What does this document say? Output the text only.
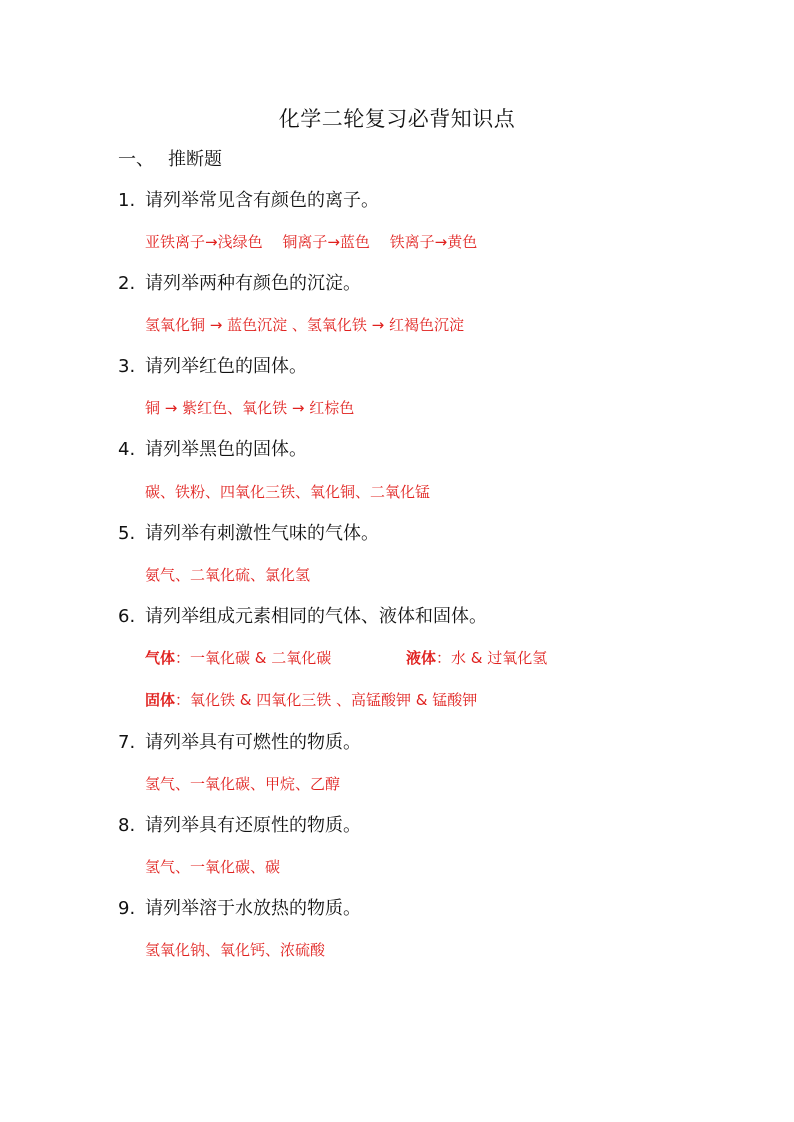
化学二轮复习必背知识点
一、 推断题
1. 请列举常见含有颜色的离子。
亚铁离子→浅绿色　 铜离子→蓝色　 铁离子→黄色
2. 请列举两种有颜色的沉淀。
氢氧化铜 → 蓝色沉淀 、氢氧化铁 → 红褐色沉淀
3. 请列举红色的固体。
铜 → 紫红色、氧化铁 → 红棕色
4. 请列举黑色的固体。
碳、铁粉、四氧化三铁、氧化铜、二氧化锰
5. 请列举有刺激性气味的气体。
氨气、二氧化硫、氯化氢
6. 请列举组成元素相同的气体、液体和固体。
气体：一氧化碳 & 二氧化碳	液体：水 & 过氧化氢
固体：氧化铁 & 四氧化三铁 、高锰酸钾 & 锰酸钾
7. 请列举具有可燃性的物质。
氢气、一氧化碳、甲烷、乙醇
8. 请列举具有还原性的物质。
氢气、一氧化碳、碳
9. 请列举溶于水放热的物质。
氢氧化钠、氧化钙、浓硫酸
